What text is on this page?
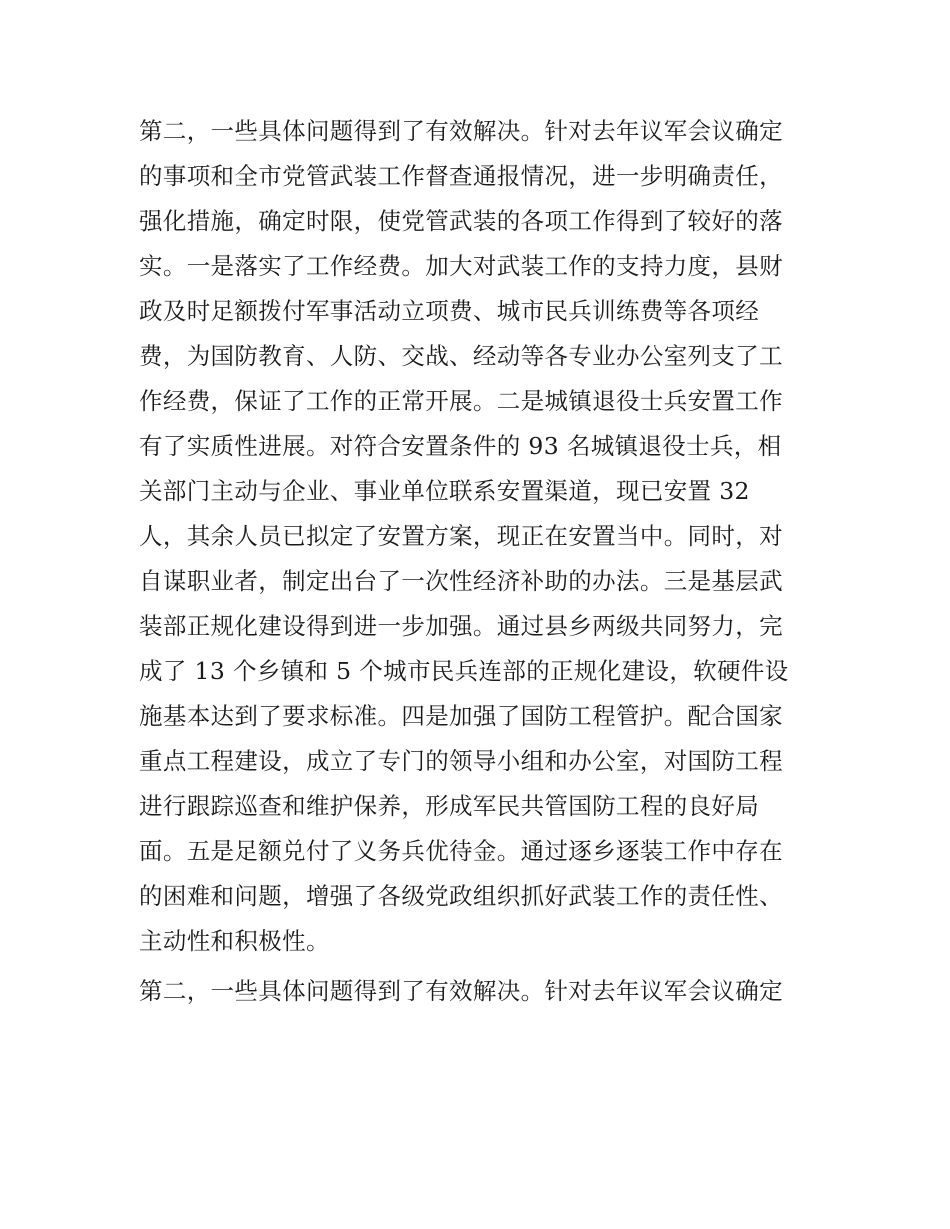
第二，一些具体问题得到了有效解决。针对去年议军会议确定
的事项和全市党管武装工作督查通报情况，进一步明确责任，
强化措施，确定时限，使党管武装的各项工作得到了较好的落
实。一是落实了工作经费。加大对武装工作的支持力度，县财
政及时足额拨付军事活动立项费、城市民兵训练费等各项经
费，为国防教育、人防、交战、经动等各专业办公室列支了工
作经费，保证了工作的正常开展。二是城镇退役士兵安置工作
有了实质性进展。对符合安置条件的 93 名城镇退役士兵，相
关部门主动与企业、事业单位联系安置渠道，现已安置 32
人，其余人员已拟定了安置方案，现正在安置当中。同时，对
自谋职业者，制定出台了一次性经济补助的办法。三是基层武
装部正规化建设得到进一步加强。通过县乡两级共同努力，完
成了 13 个乡镇和 5 个城市民兵连部的正规化建设，软硬件设
施基本达到了要求标准。四是加强了国防工程管护。配合国家
重点工程建设，成立了专门的领导小组和办公室，对国防工程
进行跟踪巡查和维护保养，形成军民共管国防工程的良好局
面。五是足额兑付了义务兵优待金。通过逐乡逐装工作中存在
的困难和问题，增强了各级党政组织抓好武装工作的责任性、
主动性和积极性。
第二，一些具体问题得到了有效解决。针对去年议军会议确定
